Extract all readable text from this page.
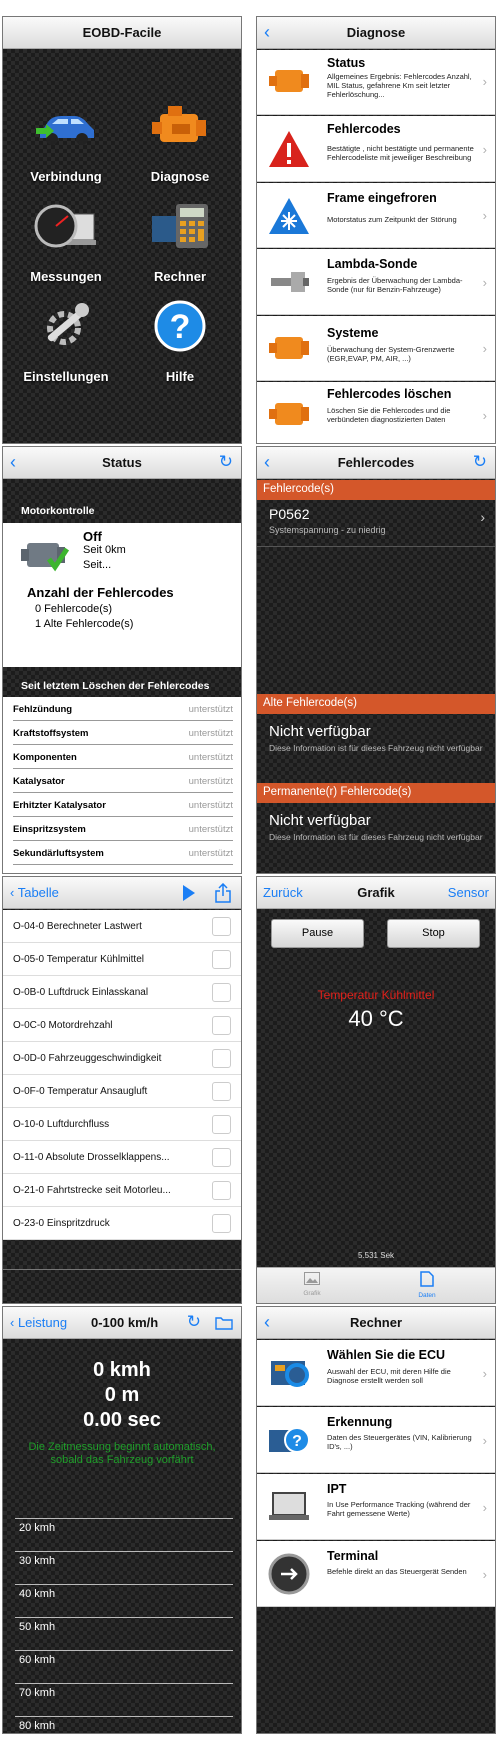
EOBD-Facile
Verbindung	Diagnose
Messungen	Rechner
Einstellungen
?
Hilfe
‹	Diagnose
Status
Allgemeines Ergebnis: Fehlercodes Anzahl, MIL Status, gefahrene Km seit letzter Fehlerlöschung...
›
Fehlercodes
Bestätigte , nicht bestätigte und permanente Fehlercodeliste mit jeweiliger Beschreibung
›
Frame eingefroren
Motorstatus zum Zeitpunkt der Störung	›
Lambda-Sonde
Ergebnis der Überwachung der Lambda-Sonde (nur für Benzin-Fahrzeuge)	›
Systeme
Überwachung der System-Grenzwerte (EGR,EVAP, PM, AIR, ...)
›
Fehlercodes löschen
Löschen Sie die Fehlercodes und die verbündeten diagnostizierten Daten	›
‹	Status	↻
Motorkontrolle
Off
Seit 0km
Seit...
Anzahl der Fehlercodes
0 Fehlercode(s)
1 Alte Fehlercode(s)
Seit letztem Löschen der Fehlercodes
Fehlzündung	unterstützt
Kraftstoffsystem	unterstützt
Komponenten	unterstützt
Katalysator	unterstützt
Erhitzter Katalysator	unterstützt
Einspritzsystem	unterstützt
Sekundärluftsystem	unterstützt
‹	Fehlercodes	↻
Fehlercode(s)
P0562
Systemspannung - zu niedrig
›
Alte Fehlercode(s)
Nicht verfügbar
Diese Information ist für dieses Fahrzeug nicht verfügbar
Permanente(r) Fehlercode(s)
Nicht verfügbar
Diese Information ist für dieses Fahrzeug nicht verfügbar
‹ Tabelle
O-04-0 Berechneter Lastwert
O-05-0 Temperatur Kühlmittel
O-0B-0 Luftdruck Einlasskanal
O-0C-0 Motordrehzahl
O-0D-0 Fahrzeuggeschwindigkeit
O-0F-0 Temperatur Ansaugluft
O-10-0 Luftdurchfluss
O-11-0 Absolute Drosselklappens...
O-21-0 Fahrtstrecke seit Motorleu...
O-23-0 Einspritzdruck
Zurück	Grafik	Sensor
Pause	Stop
Temperatur Kühlmittel
40 °C
5.531 Sek
Grafik	Daten
‹ Leistung 0-100 km/h ↻
0 kmh
0 m
0.00 sec
Die Zeitmessung beginnt automatisch, sobald das Fahrzeug vorfährt
20 kmh
30 kmh
40 kmh
50 kmh
60 kmh
70 kmh
80 kmh
‹	Rechner
Wählen Sie die ECU
Auswahl der ECU, mit deren Hilfe die Diagnose erstellt werden soll	›
?
Erkennung
Daten des Steuergerätes (VIN, Kalibrierung ID's, ...)	›
IPT
In Use Performance Tracking (während der Fahrt gemessene Werte)	›
Terminal
Befehle direkt an das Steuergerät Senden	›
